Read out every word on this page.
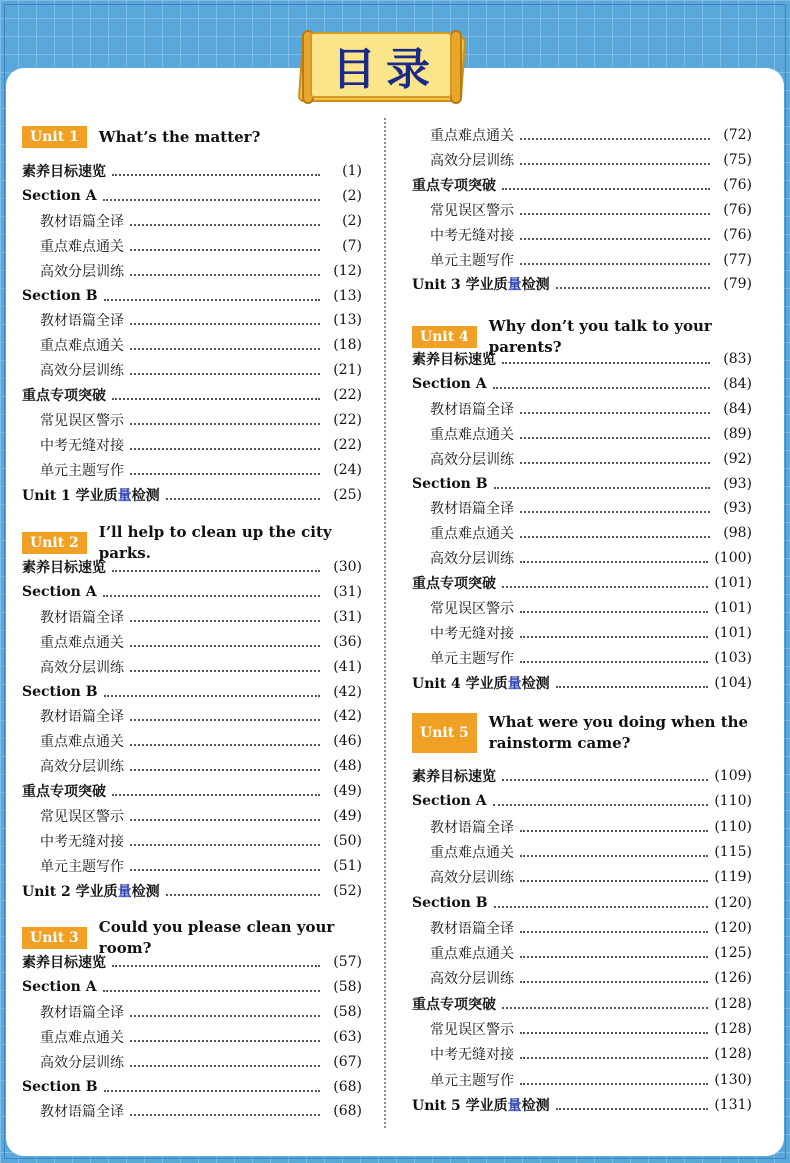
目录
Unit 1	What’s the matter?
素养目标速览	(1)
Section A	(2)
教材语篇全译	(2)
重点难点通关	(7)
高效分层训练	(12)
Section B	(13)
教材语篇全译	(13)
重点难点通关	(18)
高效分层训练	(21)
重点专项突破	(22)
常见误区警示	(22)
中考无缝对接	(22)
单元主题写作	(24)
Unit 1 学业质量检测	(25)
Unit 2
I’ll help to clean up the city parks.
素养目标速览	(30)
Section A	(31)
教材语篇全译	(31)
重点难点通关	(36)
高效分层训练	(41)
Section B	(42)
教材语篇全译	(42)
重点难点通关	(46)
高效分层训练	(48)
重点专项突破	(49)
常见误区警示	(49)
中考无缝对接	(50)
单元主题写作	(51)
Unit 2 学业质量检测	(52)
Unit 3
Could you please clean your room?
素养目标速览	(57)
Section A	(58)
教材语篇全译	(58)
重点难点通关	(63)
高效分层训练	(67)
Section B	(68)
教材语篇全译	(68)
重点难点通关	(72)
高效分层训练	(75)
重点专项突破	(76)
常见误区警示	(76)
中考无缝对接	(76)
单元主题写作	(77)
Unit 3 学业质量检测	(79)
Unit 4
Why don’t you talk to your parents?
素养目标速览	(83)
Section A	(84)
教材语篇全译	(84)
重点难点通关	(89)
高效分层训练	(92)
Section B	(93)
教材语篇全译	(93)
重点难点通关	(98)
高效分层训练	(100)
重点专项突破	(101)
常见误区警示	(101)
中考无缝对接	(101)
单元主题写作	(103)
Unit 4 学业质量检测	(104)
Unit 5
What were you doing when the
rainstorm came?
素养目标速览	(109)
Section A	(110)
教材语篇全译	(110)
重点难点通关	(115)
高效分层训练	(119)
Section B	(120)
教材语篇全译	(120)
重点难点通关	(125)
高效分层训练	(126)
重点专项突破	(128)
常见误区警示	(128)
中考无缝对接	(128)
单元主题写作	(130)
Unit 5 学业质量检测	(131)
